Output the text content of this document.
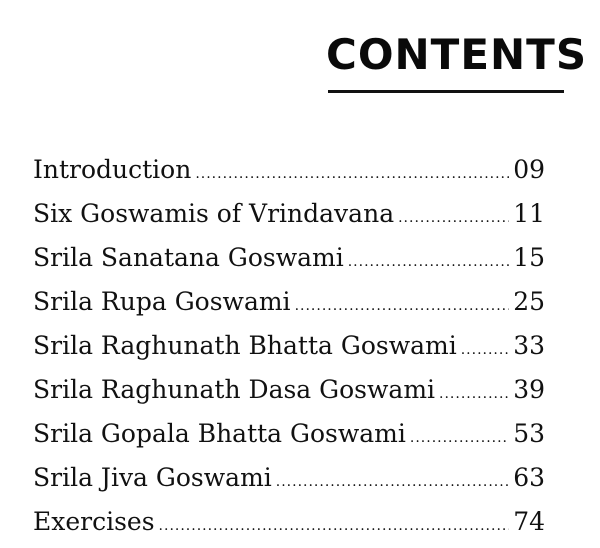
CONTENTS
Introduction .....	09
Six Goswamis of Vrindavana .....	11
Srila Sanatana Goswami .....	15
Srila Rupa Goswami .....	25
Srila Raghunath Bhatta Goswami ..... 33
Srila Raghunath Dasa Goswami .....	39
Srila Gopala Bhatta Goswami .....	53
Srila Jiva Goswami .....	63
Exercises .....	74
